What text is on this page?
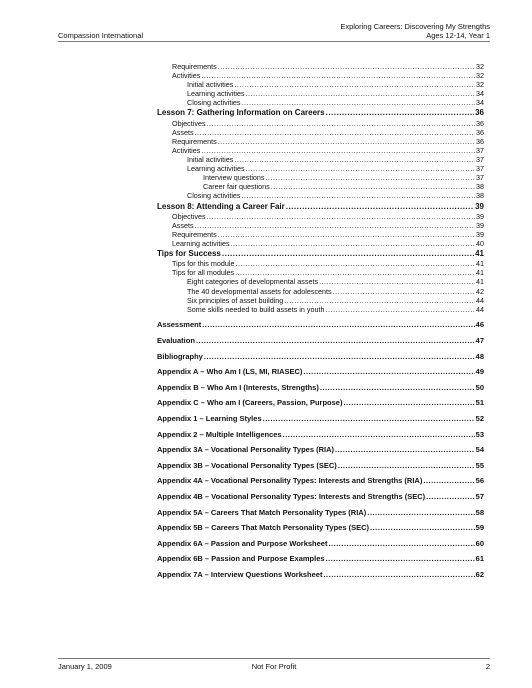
Compassion International
Exploring Careers: Discovering My Strengths
Ages 12-14, Year 1
Requirements .....	32
Activities .....	32
Initial activities .....	32
Learning activities .....	34
Closing activities .....	34
Lesson 7: Gathering Information on Careers .....	36
Objectives .....	36
Assets .....	36
Requirements .....	36
Activities .....	37
Initial activities .....	37
Learning activities .....	37
Interview questions .....	37
Career fair questions .....	38
Closing activities .....	38
Lesson 8: Attending a Career Fair .....	39
Objectives .....	39
Assets .....	39
Requirements .....	39
Learning activities .....	40
Tips for Success .....	41
Tips for this module .....	41
Tips for all modules .....	41
Eight categories of developmental assets .....	41
The 40 developmental assets for adolescents .....	42
Six principles of asset building .....	44
Some skills needed to build assets in youth .....	44
Assessment .....	46
Evaluation .....	47
Bibliography .....	48
Appendix A – Who Am I (LS, MI, RIASEC) .....	49
Appendix B – Who Am I (Interests, Strengths) .....	50
Appendix C – Who am I (Careers, Passion, Purpose) .....	51
Appendix 1 – Learning Styles .....	52
Appendix 2 – Multiple Intelligences .....	53
Appendix 3A – Vocational Personality Types (RIA) .....	54
Appendix 3B – Vocational Personality Types (SEC) .....	55
Appendix 4A – Vocational Personality Types: Interests and Strengths (RIA) .....	56
Appendix 4B – Vocational Personality Types: Interests and Strengths (SEC) .....	57
Appendix 5A – Careers That Match Personality Types (RIA) .....	58
Appendix 5B – Careers That Match Personality Types (SEC) .....	59
Appendix 6A – Passion and Purpose Worksheet .....	60
Appendix 6B – Passion and Purpose Examples .....	61
Appendix 7A – Interview Questions Worksheet .....	62
January 1, 2009	Not For Profit	2
